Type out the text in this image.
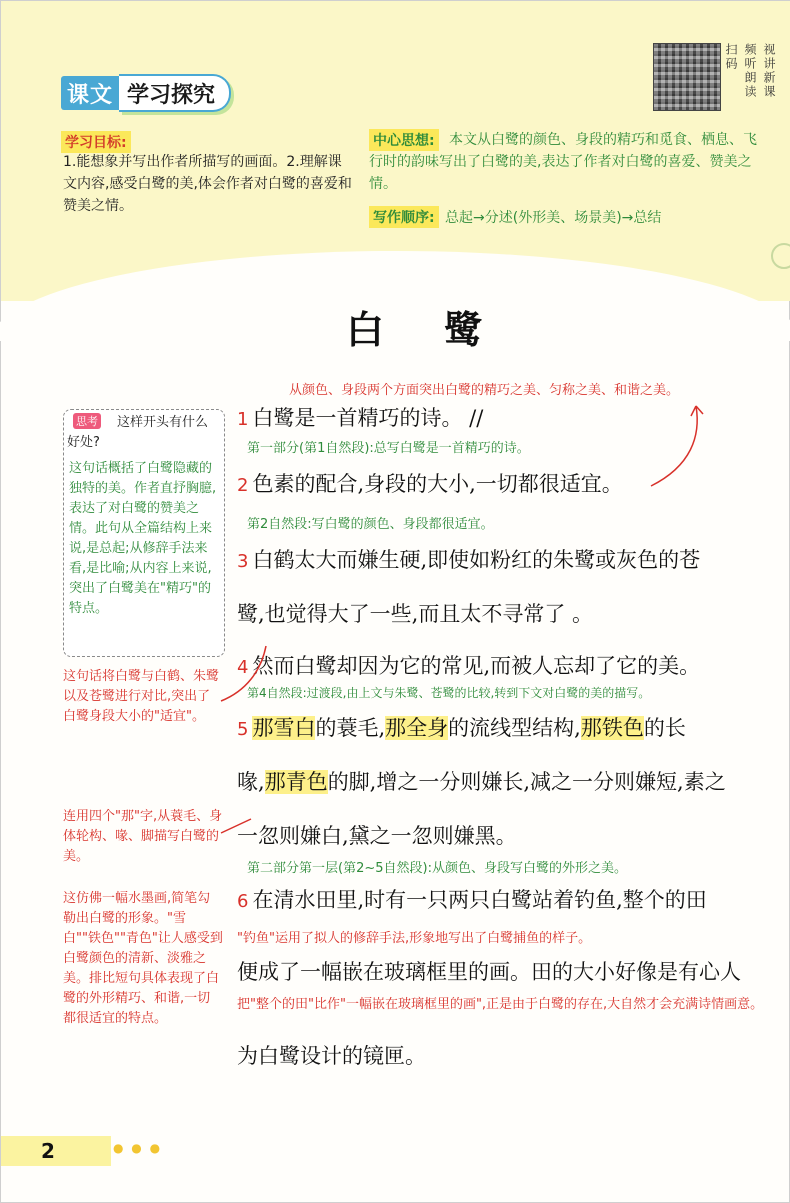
课文 学习探究
扫码 频听朗读 视讲新课
学习目标:
1.能想象并写出作者所描写的画面。2.理解课文内容,感受白鹭的美,体会作者对白鹭的喜爱和赞美之情。
本文从白鹭的颜色、身段的精巧和觅食、栖息、飞行时的韵味写出了白鹭的美,表达了作者对白鹭的喜爱、赞美之情。
中心思想:
写作顺序: 总起→分述(外形美、场景美)→总结
白鹭
从颜色、身段两个方面突出白鹭的精巧之美、匀称之美、和谐之美。
这样开头有什么好处?
思考
这句话概括了白鹭隐藏的独特的美。作者直抒胸臆,表达了对白鹭的赞美之情。此句从全篇结构上来说,是总起;从修辞手法来看,是比喻;从内容上来说,突出了白鹭美在"精巧"的特点。
1 白鹭是一首精巧的诗。 //
第一部分(第1自然段):总写白鹭是一首精巧的诗。
2 色素的配合,身段的大小,一切都很适宜。
第2自然段:写白鹭的颜色、身段都很适宜。
3 白鹤太大而嫌生硬,即使如粉红的朱鹭或灰色的苍
鹭,也觉得大了一些,而且太不寻常了 。
4 然而白鹭却因为它的常见,而被人忘却了它的美。
第4自然段:过渡段,由上文与朱鹭、苍鹭的比较,转到下文对白鹭的美的描写。
这句话将白鹭与白鹤、朱鹭以及苍鹭进行对比,突出了白鹭身段大小的"适宜"。
5 那雪白的蓑毛,那全身的流线型结构,那铁色的长
喙,那青色的脚,增之一分则嫌长,减之一分则嫌短,素之
一忽则嫌白,黛之一忽则嫌黑。
连用四个"那"字,从蓑毛、身体轮构、喙、脚描写白鹭的美。
第二部分第一层(第2~5自然段):从颜色、身段写白鹭的外形之美。
6 在清水田里,时有一只两只白鹭站着钓鱼,整个的田
"钓鱼"运用了拟人的修辞手法,形象地写出了白鹭捕鱼的样子。
便成了一幅嵌在玻璃框里的画。田的大小好像是有心人
把"整个的田"比作"一幅嵌在玻璃框里的画",正是由于白鹭的存在,大自然才会充满诗情画意。
为白鹭设计的镜匣。
这仿佛一幅水墨画,简笔勾勒出白鹭的形象。"雪白""铁色""青色"让人感受到白鹭颜色的清新、淡雅之美。排比短句具体表现了白鹭的外形精巧、和谐,一切都很适宜的特点。
2	● ● ●
